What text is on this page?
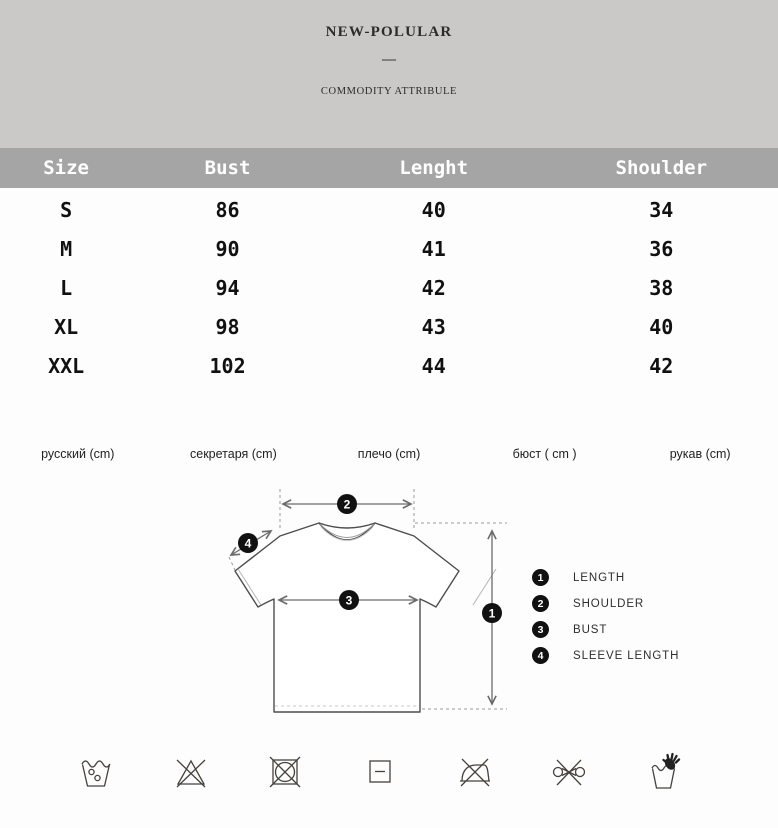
NEW-POLULAR
—
COMMODITY ATTRIBULE
Size	Bust	Lenght	Shoulder
S	86	40	34
M	90	41	36
L	94	42	38
XL	98	43	40
XXL	102	44	42
русский (cm)	секретаря (cm)	плечо (cm)	бюст ( cm )	рукав (cm)
2
4
3
1
1	LENGTH
2	SHOULDER
3	BUST
4	SLEEVE LENGTH
